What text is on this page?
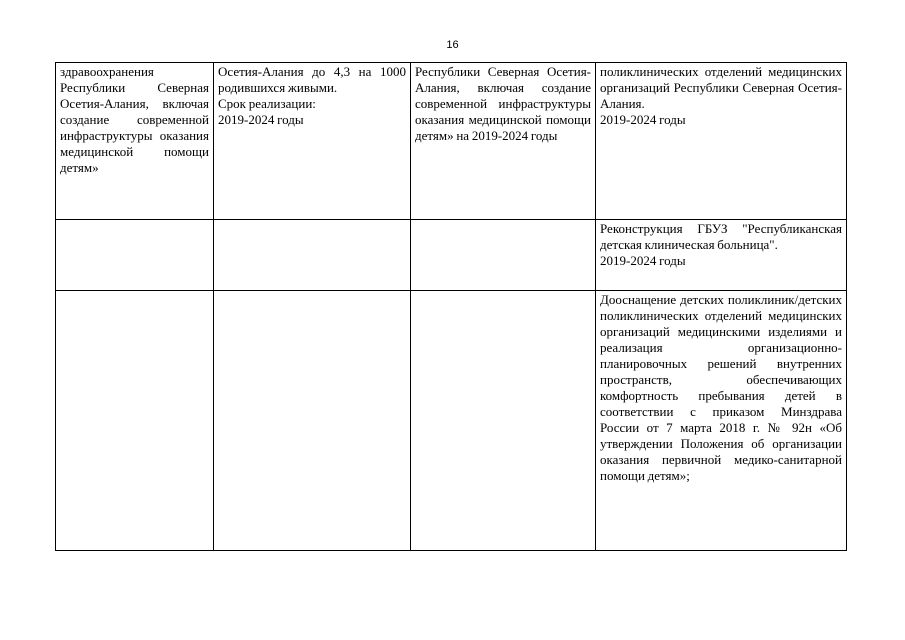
16
здравоохранения Республики Северная Осетия-Алания, включая создание современной инфраструктуры оказания медицинской помощи детям»	Осетия-Алания до 4,3 на 1000 родившихся живыми.
Срок реализации:
2019-2024 годы	Республики Северная Осетия-Алания, включая создание современной инфраструктуры оказания медицинской помощи детям» на 2019-2024 годы	поликлинических отделений медицинских организаций Республики Северная Осетия-Алания.
2019-2024 годы

			Реконструкция ГБУЗ "Республиканская детская клиническая больница".
2019-2024 годы

			Дооснащение детских поликлиник/детских поликлинических отделений медицинских организаций медицинскими изделиями и реализация организационно-планировочных решений внутренних пространств, обеспечивающих комфортность пребывания детей в соответствии с приказом Минздрава России от 7 марта 2018 г. № 92н «Об утверждении Положения об организации оказания первичной медико-санитарной помощи детям»;
